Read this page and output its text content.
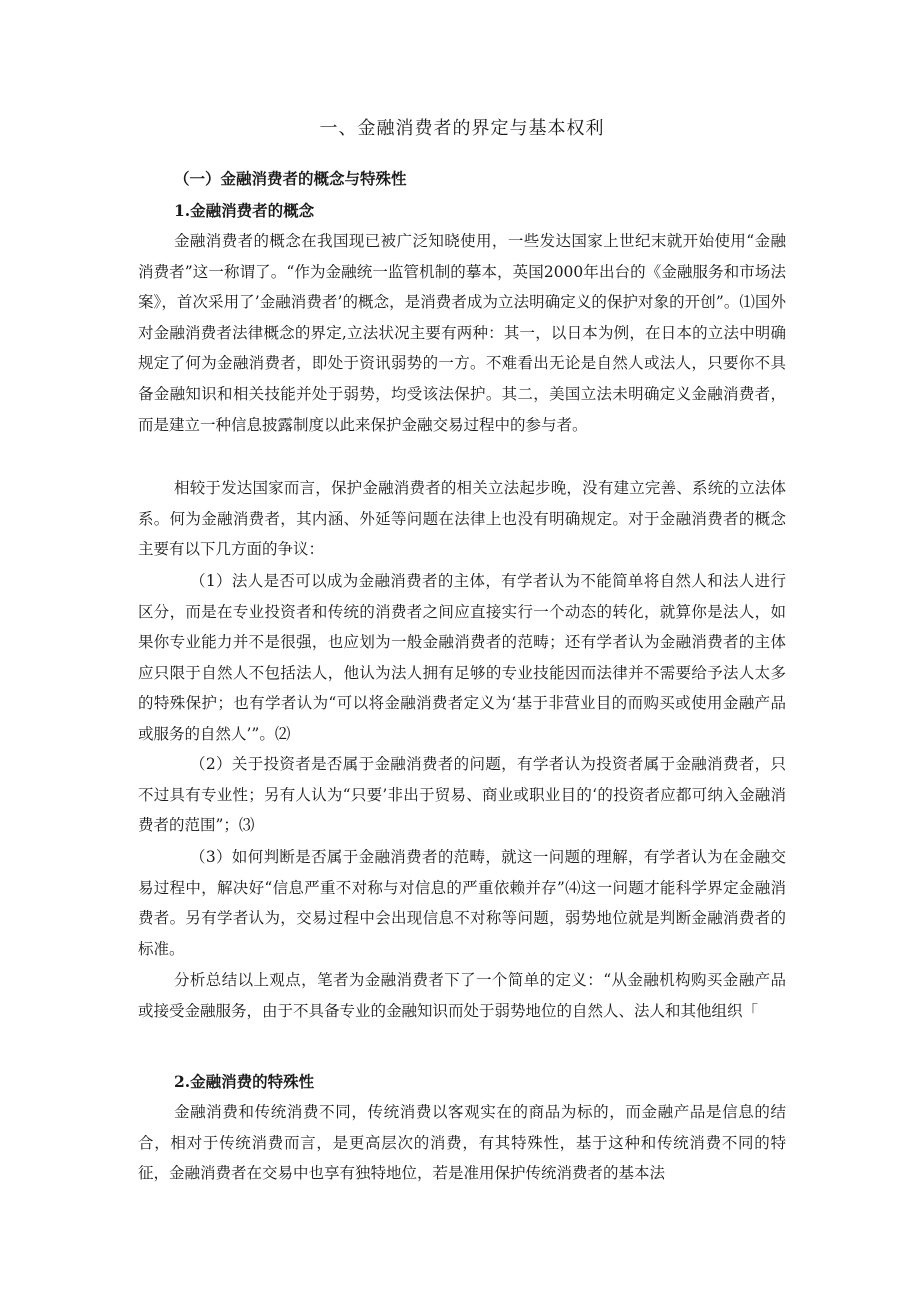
一、金融消费者的界定与基本权利
（一）金融消费者的概念与特殊性
1.金融消费者的概念

金融消费者的概念在我国现已被广泛知晓使用，一些发达国家上世纪末就开始使用“金融消费者”这一称谓了。“作为金融统一监管机制的摹本，英国2000年出台的《金融服务和市场法案》，首次采用了’金融消费者’的概念，是消费者成为立法明确定义的保护对象的开创”。⑴国外对金融消费者法律概念的界定,立法状况主要有两种：其一，以日本为例，在日本的立法中明确规定了何为金融消费者，即处于资讯弱势的一方。不难看出无论是自然人或法人，只要你不具备金融知识和相关技能并处于弱势，均受该法保护。其二，美国立法未明确定义金融消费者，而是建立一种信息披露制度以此来保护金融交易过程中的参与者。

相较于发达国家而言，保护金融消费者的相关立法起步晚，没有建立完善、系统的立法体系。何为金融消费者，其内涵、外延等问题在法律上也没有明确规定。对于金融消费者的概念主要有以下几方面的争议：

（1）法人是否可以成为金融消费者的主体，有学者认为不能简单将自然人和法人进行区分，而是在专业投资者和传统的消费者之间应直接实行一个动态的转化，就算你是法人，如果你专业能力并不是很强，也应划为一般金融消费者的范畴；还有学者认为金融消费者的主体应只限于自然人不包括法人，他认为法人拥有足够的专业技能因而法律并不需要给予法人太多的特殊保护；也有学者认为“可以将金融消费者定义为‘基于非营业目的而购买或使用金融产品或服务的自然人’”。⑵

（2）关于投资者是否属于金融消费者的问题，有学者认为投资者属于金融消费者，只不过具有专业性；另有人认为“只要’非出于贸易、商业或职业目的‘的投资者应都可纳入金融消费者的范围”；⑶

（3）如何判断是否属于金融消费者的范畴，就这一问题的理解，有学者认为在金融交易过程中，解决好“信息严重不对称与对信息的严重依赖并存”⑷这一问题才能科学界定金融消费者。另有学者认为，交易过程中会出现信息不对称等问题，弱势地位就是判断金融消费者的标准。

分析总结以上观点，笔者为金融消费者下了一个简单的定义：“从金融机构购买金融产品或接受金融服务，由于不具备专业的金融知识而处于弱势地位的自然人、法人和其他组织「

2.金融消费的特殊性

金融消费和传统消费不同，传统消费以客观实在的商品为标的，而金融产品是信息的结合，相对于传统消费而言，是更高层次的消费，有其特殊性，基于这种和传统消费不同的特征，金融消费者在交易中也享有独特地位，若是准用保护传统消费者的基本法
